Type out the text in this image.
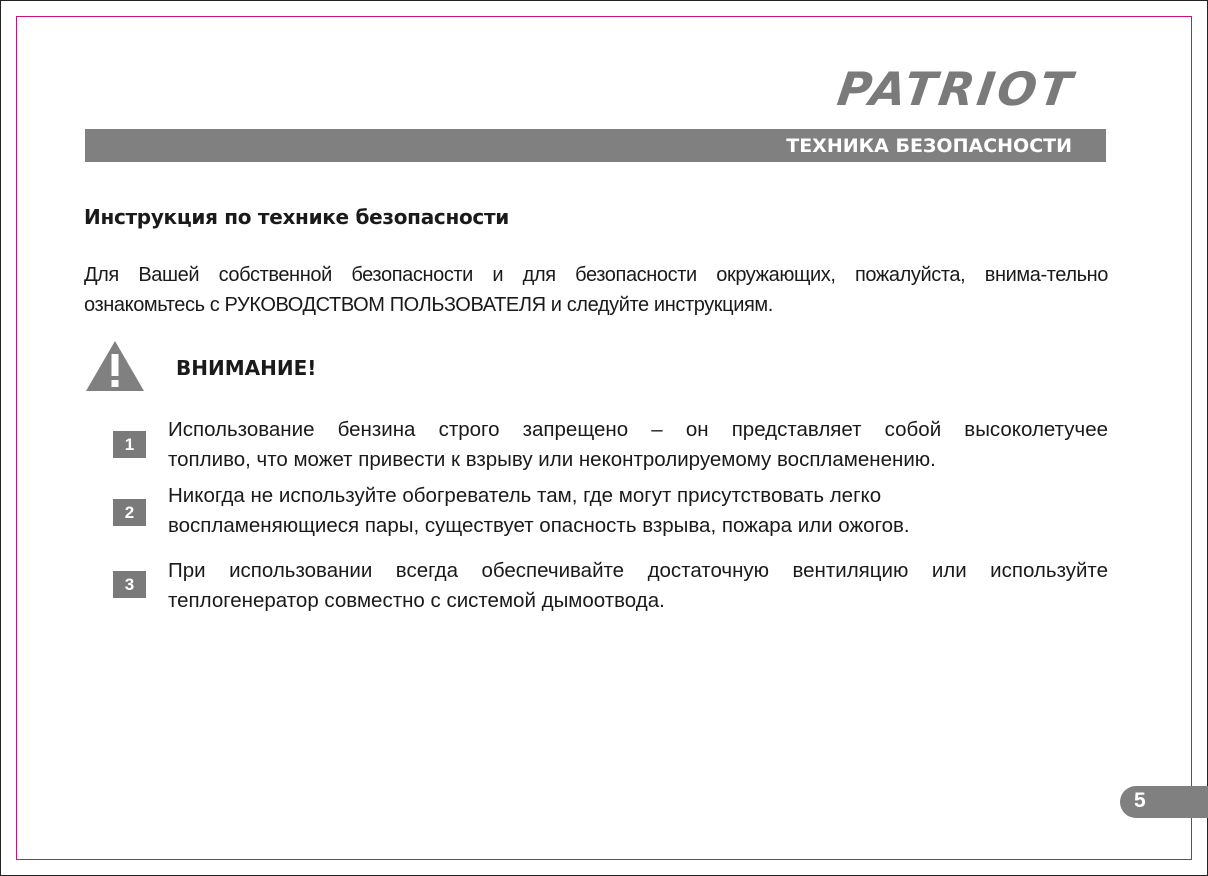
PATRIOT
ТЕХНИКА БЕЗОПАСНОСТИ
Инструкция по технике безопасности
Для Вашей собственной безопасности и для безопасности окружающих, пожалуйста, внима-тельно
ознакомьтесь с РУКОВОДСТВОМ ПОЛЬЗОВАТЕЛЯ и следуйте инструкциям.
ВНИМАНИЕ!
1
Использование бензина строго запрещено – он представляет собой высоколетучее
топливо, что может привести к взрыву или неконтролируемому воспламенению.
2
Никогда не используйте обогреватель там, где могут присутствовать легко
воспламеняющиеся пары, существует опасность взрыва, пожара или ожогов.
3
При использовании всегда обеспечивайте достаточную вентиляцию или используйте
теплогенератор совместно с системой дымоотвода.
5
